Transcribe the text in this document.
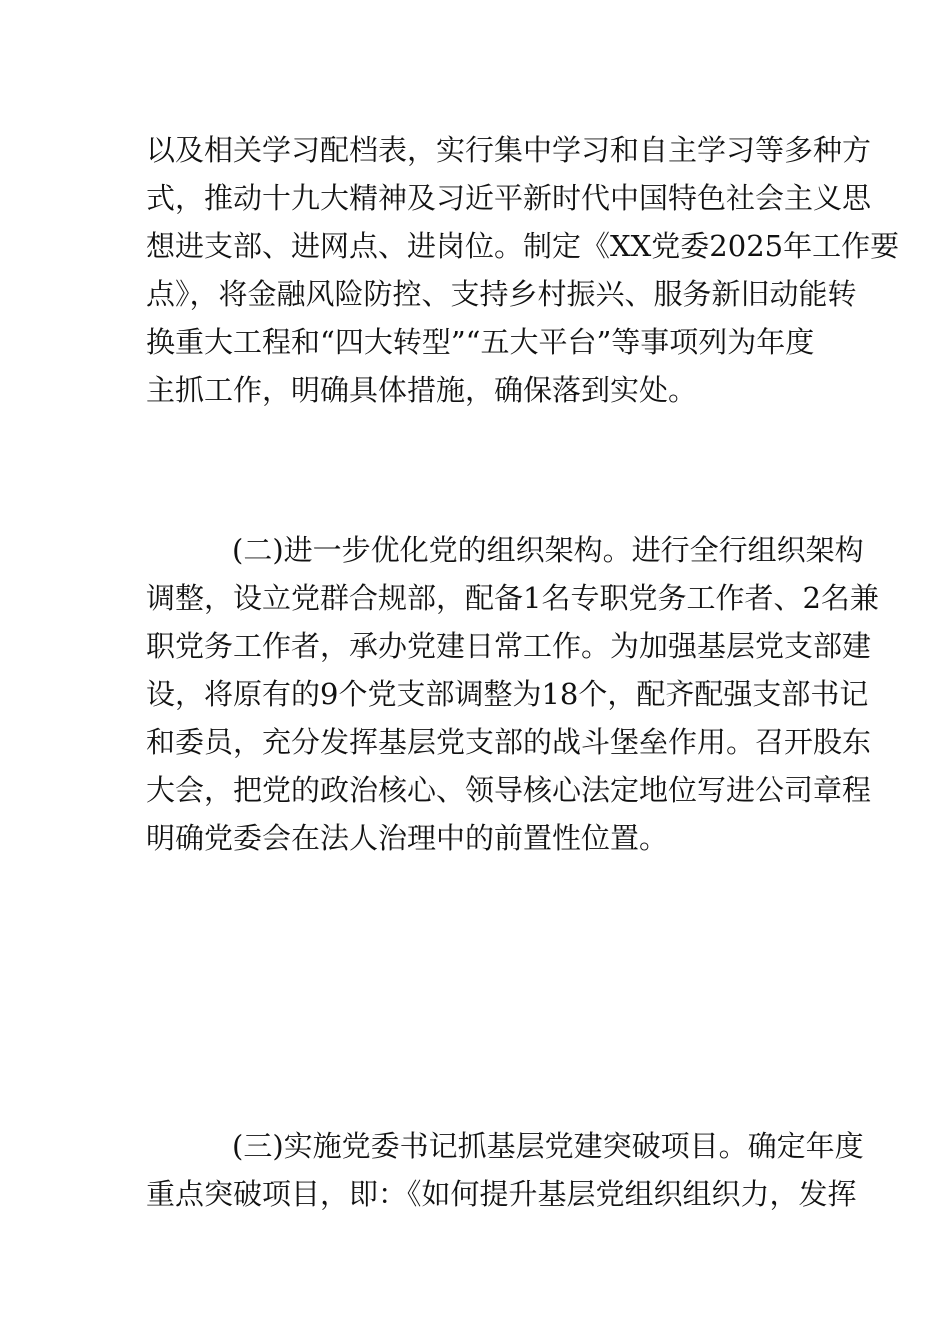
以及相关学习配档表，实行集中学习和自主学习等多种方
式，推动十九大精神及习近平新时代中国特色社会主义思
想进支部、进网点、进岗位。制定《XX党委2025年工作要
点》，将金融风险防控、支持乡村振兴、服务新旧动能转
换重大工程和“四大转型”“五大平台”等事项列为年度
主抓工作，明确具体措施，确保落到实处。
(二)进一步优化党的组织架构。进行全行组织架构
调整，设立党群合规部，配备1名专职党务工作者、2名兼
职党务工作者，承办党建日常工作。为加强基层党支部建
设，将原有的9个党支部调整为18个，配齐配强支部书记
和委员，充分发挥基层党支部的战斗堡垒作用。召开股东
大会，把党的政治核心、领导核心法定地位写进公司章程
明确党委会在法人治理中的前置性位置。
(三)实施党委书记抓基层党建突破项目。确定年度
重点突破项目，即：《如何提升基层党组织组织力，发挥
